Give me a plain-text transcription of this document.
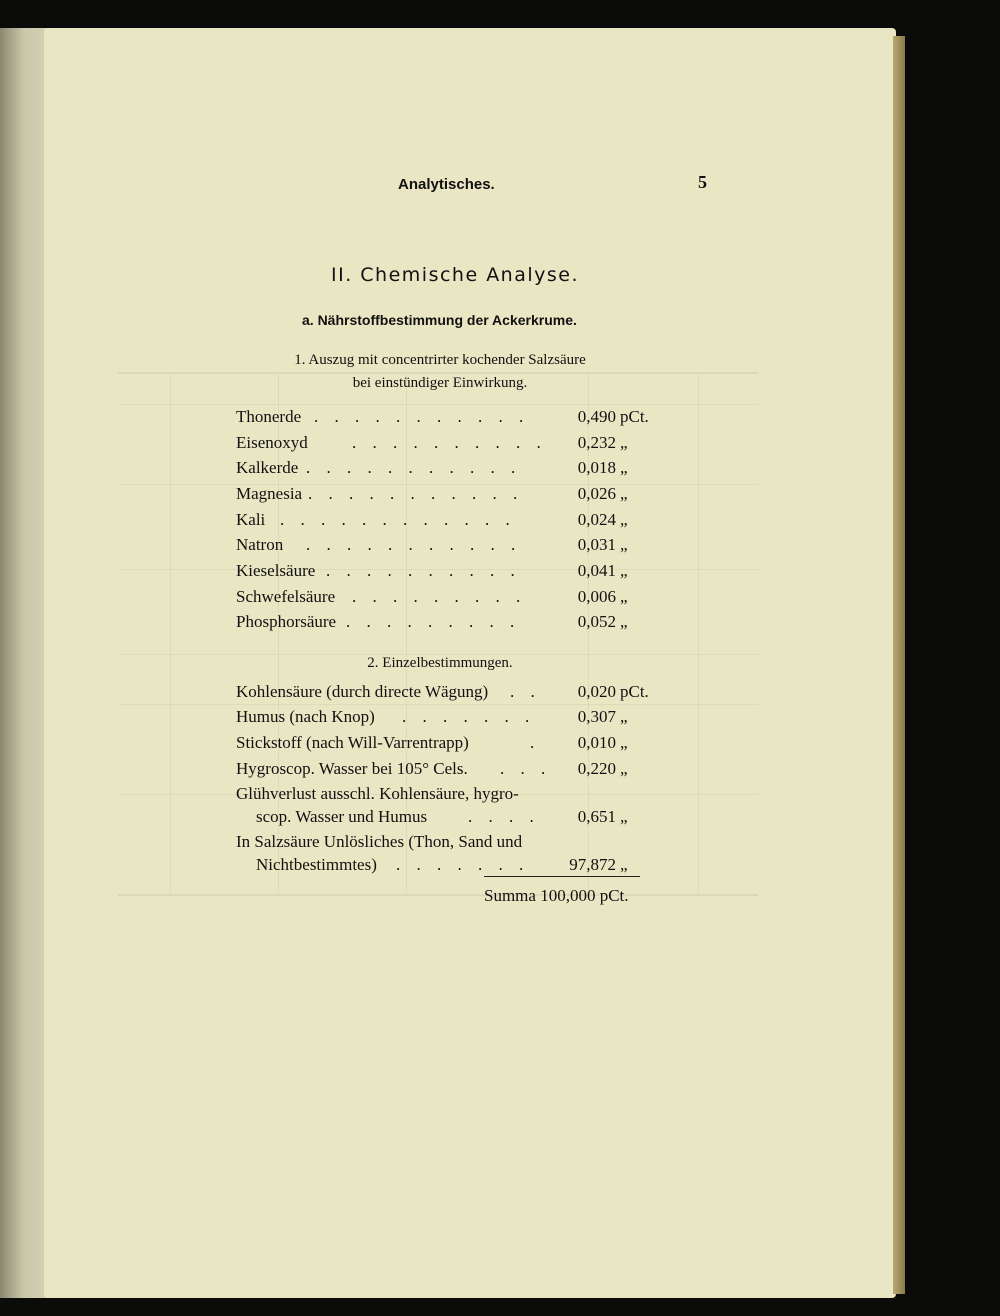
Analytisches.	5
II. Chemische Analyse.
a. Nährstoffbestimmung der Ackerkrume.
1. Auszug mit concentrirter kochender Salzsäure
bei einstündiger Einwirkung.
Thonerde . . . . . . . . . . .	0,490 pCt.
Eisenoxyd	. . . . . . . . . . 0,232 „
Kalkerde . . . . . . . . . . .	0,018 „
Magnesia . . . . . . . . . . .	0,026 „
Kali . . . . . . . . . . . .	0,024 „
Natron . . . . . . . . . . .	0,031 „
Kieselsäure . . . . . . . . . .	0,041 „
Schwefelsäure . . . . . . . . .	0,006 „
Phosphorsäure . . . . . . . . .	0,052 „
2. Einzelbestimmungen.
Kohlensäure (durch directe Wägung) . . 0,020 pCt.
Humus (nach Knop) . . . . . . .	0,307 „
Stickstoff (nach Will-Varrentrapp)	. 0,010 „
Hygroscop. Wasser bei 105° Cels. . . . 0,220 „
Glühverlust ausschl. Kohlensäure, hygro-
scop. Wasser und Humus . . . . 0,651 „
In Salzsäure Unlösliches (Thon, Sand und
Nichtbestimmtes) . . . . . . . 97,872 „
Summa 100,000 pCt.
